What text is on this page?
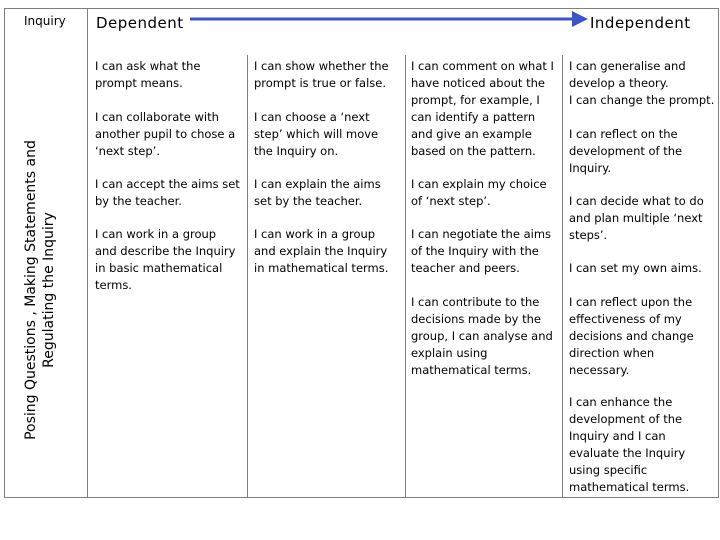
Inquiry
Posing Questions , Making Statements and
Regulating the Inquiry
Dependent	Independent
I can ask what the prompt means.
I can collaborate with another pupil to chose a ‘next step’.
I can accept the aims set by the teacher.
I can work in a group and describe the Inquiry in basic mathematical terms.
I can show whether the prompt is true or false.
I can choose a ‘next step’ which will move the Inquiry on.
I can explain the aims set by the teacher.
I can work in a group and explain the Inquiry in mathematical terms.
I can comment on what I have noticed about the prompt, for example, I can identify a pattern and give an example based on the pattern.
I can explain my choice of ‘next step’.
I can negotiate the aims of the Inquiry with the teacher and peers.
I can contribute to the decisions made by the group, I can analyse and explain using mathematical terms.
I can generalise and develop a theory.
I can change the prompt.
I can reflect on the development of the Inquiry.
I can decide what to do and plan multiple ‘next steps’.
I can set my own aims.
I can reflect upon the effectiveness of my decisions and change direction when necessary.
I can enhance the development of the Inquiry and I can evaluate the Inquiry using specific mathematical terms.
